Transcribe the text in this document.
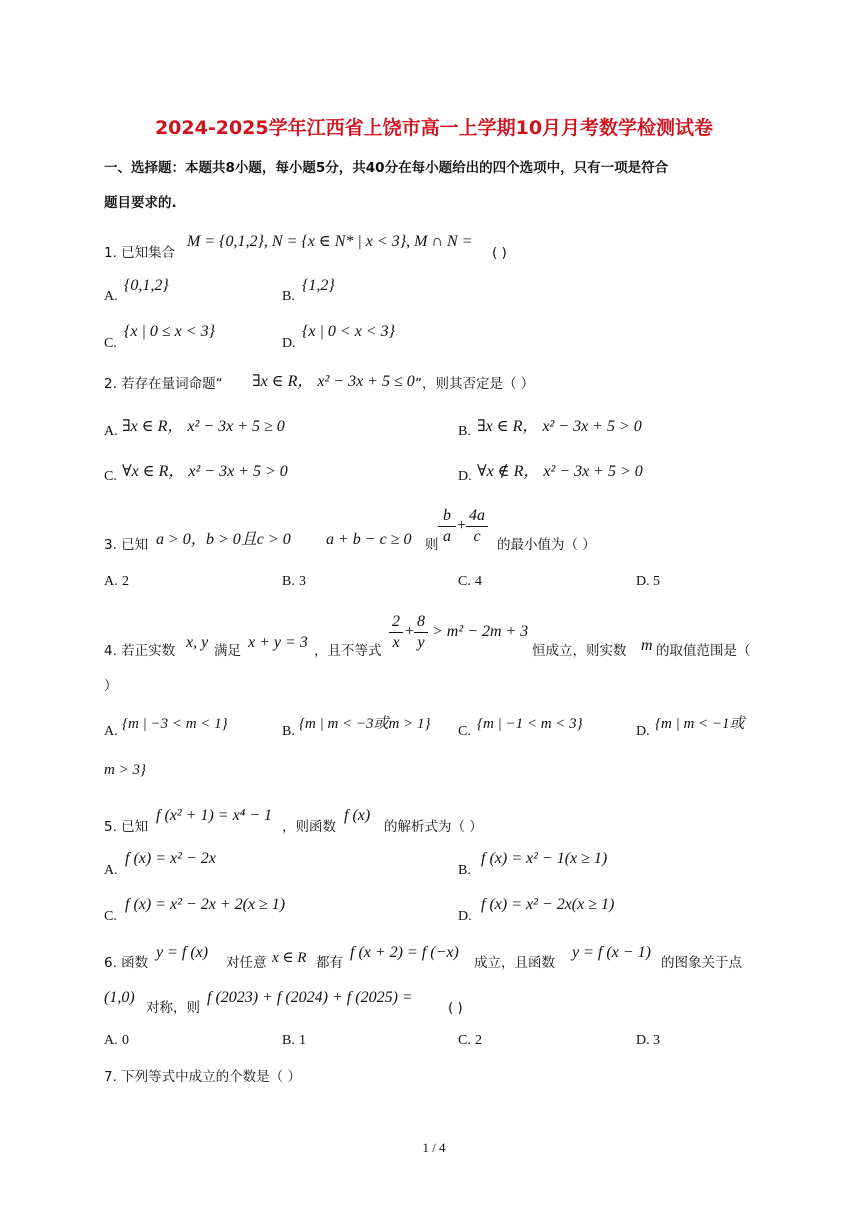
2024-2025学年江西省上饶市高一上学期10月月考数学检测试卷
一、选择题：本题共8小题，每小题5分，共40分在每小题给出的四个选项中，只有一项是符合
题目要求的.
1. 已知集合
M = {0,1,2}, N = {x ∈ N* | x < 3}, M ∩ N =
( )
A.
{0,1,2}
B.
{1,2}
C.
{x | 0 ≤ x < 3}
D.
{x | 0 < x < 3}
2. 若存在量词命题“ ∃x ∈ R， x² − 3x + 5 ≤ 0 ”，则其否定是（ ）
A. ∃x ∈ R， x² − 3x + 5 ≥ 0	B. ∃x ∈ R， x² − 3x + 5 > 0
C. ∀x ∈ R， x² − 3x + 5 > 0	D. ∀x ∉ R， x² − 3x + 5 > 0
3. 已知 a > 0， b > 0且c > 0 a + b − c ≥ 0 则 $\frac{b}{a} + \frac{4a}{c}$ 的最小值为（ ）
A. 2	B. 3	C. 4	D. 5
4. 若正实数 x, y 满足 x + y = 3 ，且不等式 $\frac{2}{x} + \frac{8}{y} > m^2 - 2m + 3$
恒成立，则实数 m 的取值范围是（
）
A. {m | −3 < m < 1}	B. {m | m < −3或m > 1} C. {m | −1 < m < 3}	D. {m | m < −1或
m > 3}
5. 已知
f (x² + 1) = x⁴ − 1
，则函数
f (x)
的解析式为（ ）
A.
f (x) = x² − 2x
B.
f (x) = x² − 1(x ≥ 1)
C.
f (x) = x² − 2x + 2(x ≥ 1)
D.
f (x) = x² − 2x(x ≥ 1)
6. 函数
y = f (x)
对任意 x ∈ R 都有
f (x + 2) = f (−x)
成立，且函数
y = f (x − 1)
的图象关于点
(1,0)
对称，则
f (2023) + f (2024) + f (2025) =
( )
A. 0	B. 1	C. 2	D. 3
7. 下列等式中成立的个数是（ ）
1 / 4
